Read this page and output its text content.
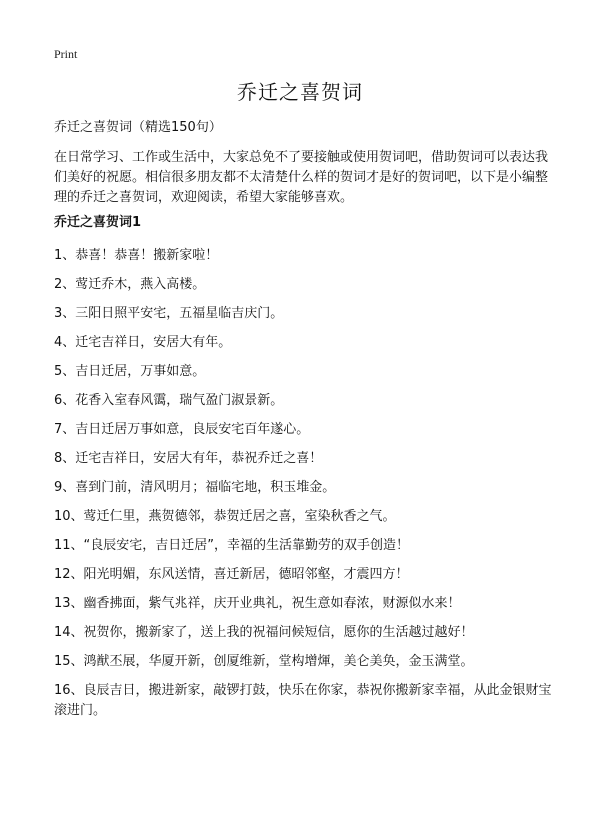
Print
乔迁之喜贺词
乔迁之喜贺词（精选150句）

在日常学习、工作或生活中，大家总免不了要接触或使用贺词吧，借助贺词可以表达我们美好的祝愿。相信很多朋友都不太清楚什么样的贺词才是好的贺词吧，以下是小编整理的乔迁之喜贺词，欢迎阅读，希望大家能够喜欢。

乔迁之喜贺词1
1、恭喜！恭喜！搬新家啦！
2、莺迁乔木，燕入高楼。
3、三阳日照平安宅，五福星临吉庆门。
4、迁宅吉祥日，安居大有年。
5、吉日迁居，万事如意。
6、花香入室春风霭，瑞气盈门淑景新。
7、吉日迁居万事如意，良辰安宅百年遂心。
8、迁宅吉祥日，安居大有年，恭祝乔迁之喜！
9、喜到门前，清风明月；福临宅地，积玉堆金。
10、莺迁仁里，燕贺德邻，恭贺迁居之喜，室染秋香之气。
11、“良辰安宅，吉日迁居”，幸福的生活靠勤劳的双手创造！
12、阳光明媚，东风送情，喜迁新居，德昭邻壑，才震四方！
13、幽香拂面，紫气兆祥，庆开业典礼，祝生意如春浓，财源似水来！
14、祝贺你，搬新家了，送上我的祝福问候短信，愿你的生活越过越好！
15、鸿猷丕展，华厦开新，创厦维新，堂构增煇，美仑美奂，金玉满堂。
16、良辰吉日，搬进新家，敲锣打鼓，快乐在你家，恭祝你搬新家幸福，从此金银财宝滚进门。
